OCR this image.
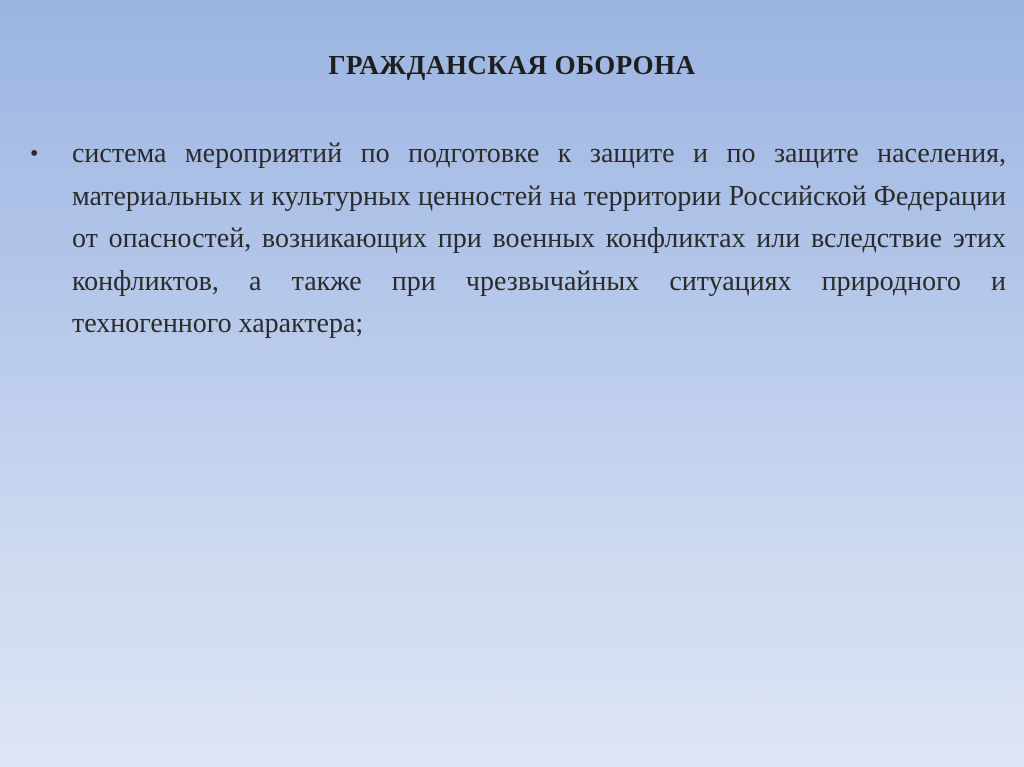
ГРАЖДАНСКАЯ ОБОРОНА
• система мероприятий по подготовке к защите и по защите населения, материальных и культурных ценностей на территории Российской Федерации от опасностей, возникающих при военных конфликтах или вследствие этих конфликтов, а также при чрезвычайных ситуациях природного и техногенного характера;
